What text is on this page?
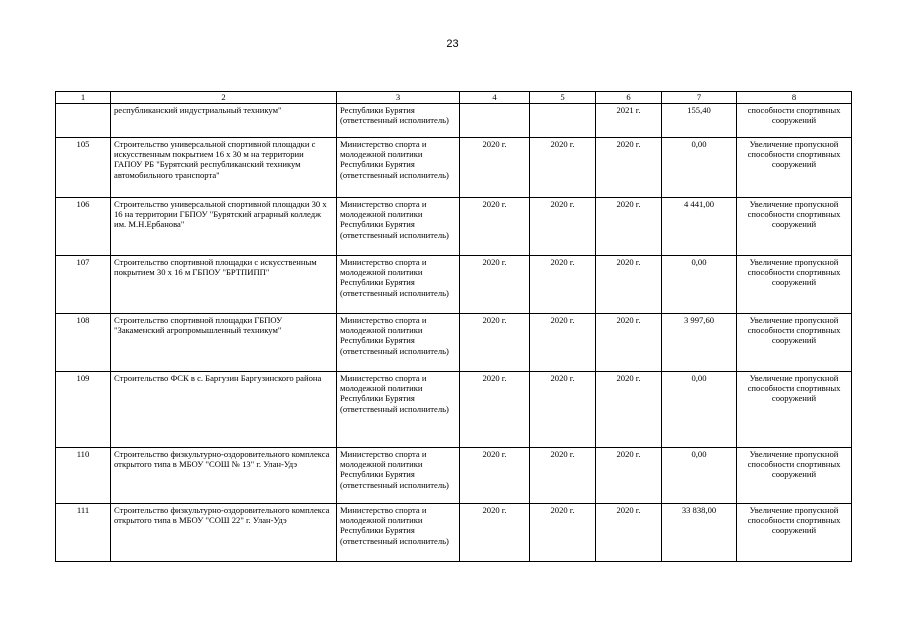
23
1	2	3	4	5	6	7	8
	республиканский индустриальный техникум"	Республики Бурятия (ответственный исполнитель)			2021 г.	155,40	способности спортивных сооружений
105	Строительство универсальной спортивной площадки с искусственным покрытием 16 х 30 м на территории ГАПОУ РБ "Бурятский республиканский техникум автомобильного транспорта"	Министерство спорта и молодежной политики Республики Бурятия (ответственный исполнитель)	2020 г.	2020 г.	2020 г.	0,00	Увеличение пропускной способности спортивных сооружений
106	Строительство универсальной спортивной площадки 30 х 16 на территории ГБПОУ "Бурятский аграрный колледж им. М.Н.Ербанова"	Министерство спорта и молодежной политики Республики Бурятия (ответственный исполнитель)	2020 г.	2020 г.	2020 г.	4 441,00	Увеличение пропускной способности спортивных сооружений
107	Строительство спортивной площадки с искусственным покрытием 30 х 16 м ГБПОУ "БРТПИПП"	Министерство спорта и молодежной политики Республики Бурятия (ответственный исполнитель)	2020 г.	2020 г.	2020 г.	0,00	Увеличение пропускной способности спортивных сооружений
108	Строительство спортивной площадки ГБПОУ "Закаменский агропромышленный техникум"	Министерство спорта и молодежной политики Республики Бурятия (ответственный исполнитель)	2020 г.	2020 г.	2020 г.	3 997,60	Увеличение пропускной способности спортивных сооружений
109	Строительство ФСК в с. Баргузин Баргузинского района	Министерство спорта и молодежной политики Республики Бурятия (ответственный исполнитель)	2020 г.	2020 г.	2020 г.	0,00	Увеличение пропускной способности спортивных сооружений
110	Строительство физкультурно-оздоровительного комплекса открытого типа в МБОУ "СОШ № 13" г. Улан-Удэ	Министерство спорта и молодежной политики Республики Бурятия (ответственный исполнитель)	2020 г.	2020 г.	2020 г.	0,00	Увеличение пропускной способности спортивных сооружений
111	Строительство физкультурно-оздоровительного комплекса открытого типа в МБОУ "СОШ 22" г. Улан-Удэ	Министерство спорта и молодежной политики Республики Бурятия (ответственный исполнитель)	2020 г.	2020 г.	2020 г.	33 838,00	Увеличение пропускной способности спортивных сооружений
